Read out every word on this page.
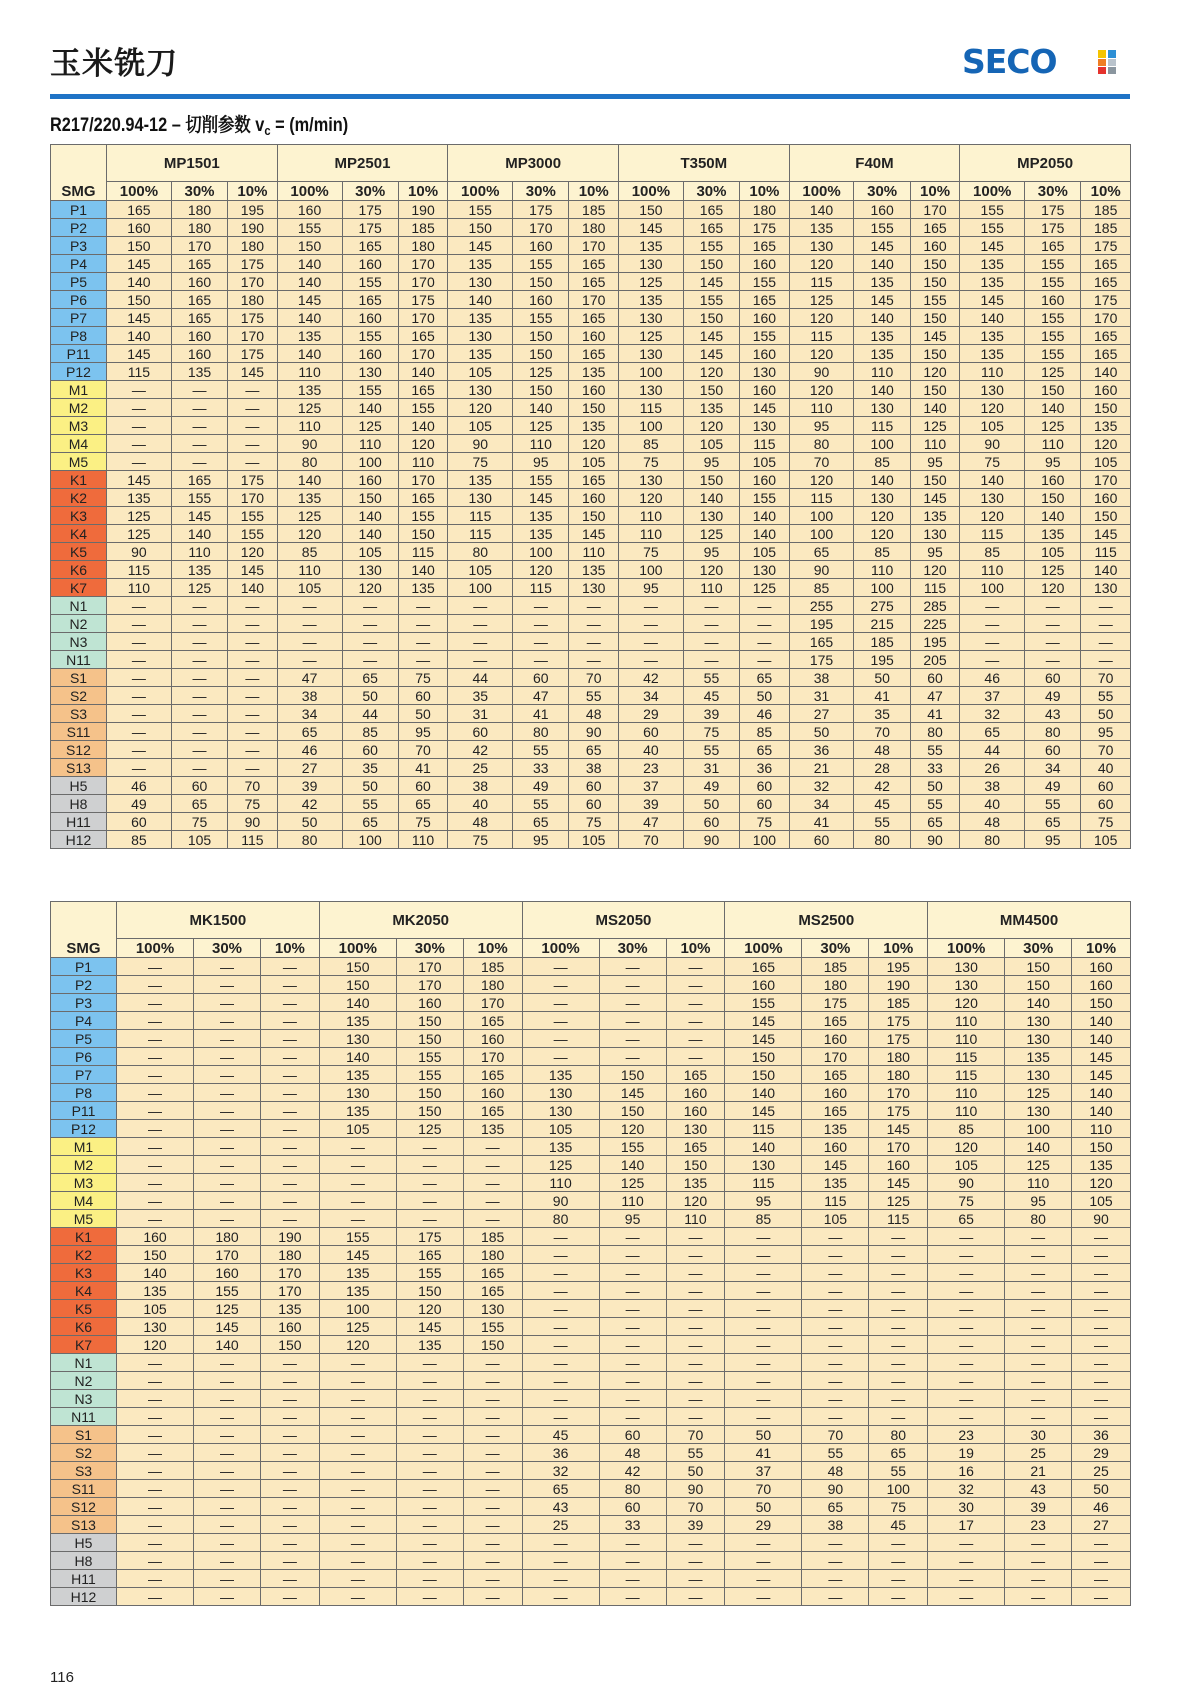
玉米铣刀	SECO
R217/220.94-12 – 切削参数 $v_c = (m/\min)$
SMG	MP1501			MP2501			MP3000			T350M			F40M			MP2050		
	100%	30%	10%	100%	30%	10%	100%	30%	10%	100%	30%	10%	100%	30%	10%	100%	30%	10%
P1	165	180	195	160	175	190	155	175	185	150	165	180	140	160	170	155	175	185
P2	160	180	190	155	175	185	150	170	180	145	165	175	135	155	165	155	175	185
P3	150	170	180	150	165	180	145	160	170	135	155	165	130	145	160	145	165	175
P4	145	165	175	140	160	170	135	155	165	130	150	160	120	140	150	135	155	165
P5	140	160	170	140	155	170	130	150	165	125	145	155	115	135	150	135	155	165
P6	150	165	180	145	165	175	140	160	170	135	155	165	125	145	155	145	160	175
P7	145	165	175	140	160	170	135	155	165	130	150	160	120	140	150	140	155	170
P8	140	160	170	135	155	165	130	150	160	125	145	155	115	135	145	135	155	165
P11	145	160	175	140	160	170	135	150	165	130	145	160	120	135	150	135	155	165
P12	115	135	145	110	130	140	105	125	135	100	120	130	90	110	120	110	125	140
M1	—	—	—	135	155	165	130	150	160	130	150	160	120	140	150	130	150	160
M2	—	—	—	125	140	155	120	140	150	115	135	145	110	130	140	120	140	150
M3	—	—	—	110	125	140	105	125	135	100	120	130	95	115	125	105	125	135
M4	—	—	—	90	110	120	90	110	120	85	105	115	80	100	110	90	110	120
M5	—	—	—	80	100	110	75	95	105	75	95	105	70	85	95	75	95	105
K1	145	165	175	140	160	170	135	155	165	130	150	160	120	140	150	140	160	170
K2	135	155	170	135	150	165	130	145	160	120	140	155	115	130	145	130	150	160
K3	125	145	155	125	140	155	115	135	150	110	130	140	100	120	135	120	140	150
K4	125	140	155	120	140	150	115	135	145	110	125	140	100	120	130	115	135	145
K5	90	110	120	85	105	115	80	100	110	75	95	105	65	85	95	85	105	115
K6	115	135	145	110	130	140	105	120	135	100	120	130	90	110	120	110	125	140
K7	110	125	140	105	120	135	100	115	130	95	110	125	85	100	115	100	120	130
N1	—	—	—	—	—	—	—	—	—	—	—	—	255	275	285	—	—	—
N2	—	—	—	—	—	—	—	—	—	—	—	—	195	215	225	—	—	—
N3	—	—	—	—	—	—	—	—	—	—	—	—	165	185	195	—	—	—
N11	—	—	—	—	—	—	—	—	—	—	—	—	175	195	205	—	—	—
S1	—	—	—	47	65	75	44	60	70	42	55	65	38	50	60	46	60	70
S2	—	—	—	38	50	60	35	47	55	34	45	50	31	41	47	37	49	55
S3	—	—	—	34	44	50	31	41	48	29	39	46	27	35	41	32	43	50
S11	—	—	—	65	85	95	60	80	90	60	75	85	50	70	80	65	80	95
S12	—	—	—	46	60	70	42	55	65	40	55	65	36	48	55	44	60	70
S13	—	—	—	27	35	41	25	33	38	23	31	36	21	28	33	26	34	40
H5	46	60	70	39	50	60	38	49	60	37	49	60	32	42	50	38	49	60
H8	49	65	75	42	55	65	40	55	60	39	50	60	34	45	55	40	55	60
H11	60	75	90	50	65	75	48	65	75	47	60	75	41	55	65	48	65	75
H12	85	105	115	80	100	110	75	95	105	70	90	100	60	80	90	80	95	105
SMG	MK1500			MK2050			MS2050			MS2500			MM4500		
	100%	30%	10%	100%	30%	10%	100%	30%	10%	100%	30%	10%	100%	30%	10%
P1	—	—	—	150	170	185	—	—	—	165	185	195	130	150	160
P2	—	—	—	150	170	180	—	—	—	160	180	190	130	150	160
P3	—	—	—	140	160	170	—	—	—	155	175	185	120	140	150
P4	—	—	—	135	150	165	—	—	—	145	165	175	110	130	140
P5	—	—	—	130	150	160	—	—	—	145	160	175	110	130	140
P6	—	—	—	140	155	170	—	—	—	150	170	180	115	135	145
P7	—	—	—	135	155	165	135	150	165	150	165	180	115	130	145
P8	—	—	—	130	150	160	130	145	160	140	160	170	110	125	140
P11	—	—	—	135	150	165	130	150	160	145	165	175	110	130	140
P12	—	—	—	105	125	135	105	120	130	115	135	145	85	100	110
M1	—	—	—	—	—	—	135	155	165	140	160	170	120	140	150
M2	—	—	—	—	—	—	125	140	150	130	145	160	105	125	135
M3	—	—	—	—	—	—	110	125	135	115	135	145	90	110	120
M4	—	—	—	—	—	—	90	110	120	95	115	125	75	95	105
M5	—	—	—	—	—	—	80	95	110	85	105	115	65	80	90
K1	160	180	190	155	175	185	—	—	—	—	—	—	—	—	—
K2	150	170	180	145	165	180	—	—	—	—	—	—	—	—	—
K3	140	160	170	135	155	165	—	—	—	—	—	—	—	—	—
K4	135	155	170	135	150	165	—	—	—	—	—	—	—	—	—
K5	105	125	135	100	120	130	—	—	—	—	—	—	—	—	—
K6	130	145	160	125	145	155	—	—	—	—	—	—	—	—	—
K7	120	140	150	120	135	150	—	—	—	—	—	—	—	—	—
N1	—	—	—	—	—	—	—	—	—	—	—	—	—	—	—
N2	—	—	—	—	—	—	—	—	—	—	—	—	—	—	—
N3	—	—	—	—	—	—	—	—	—	—	—	—	—	—	—
N11	—	—	—	—	—	—	—	—	—	—	—	—	—	—	—
S1	—	—	—	—	—	—	45	60	70	50	70	80	23	30	36
S2	—	—	—	—	—	—	36	48	55	41	55	65	19	25	29
S3	—	—	—	—	—	—	32	42	50	37	48	55	16	21	25
S11	—	—	—	—	—	—	65	80	90	70	90	100	32	43	50
S12	—	—	—	—	—	—	43	60	70	50	65	75	30	39	46
S13	—	—	—	—	—	—	25	33	39	29	38	45	17	23	27
H5	—	—	—	—	—	—	—	—	—	—	—	—	—	—	—
H8	—	—	—	—	—	—	—	—	—	—	—	—	—	—	—
H11	—	—	—	—	—	—	—	—	—	—	—	—	—	—	—
H12	—	—	—	—	—	—	—	—	—	—	—	—	—	—	—
116
